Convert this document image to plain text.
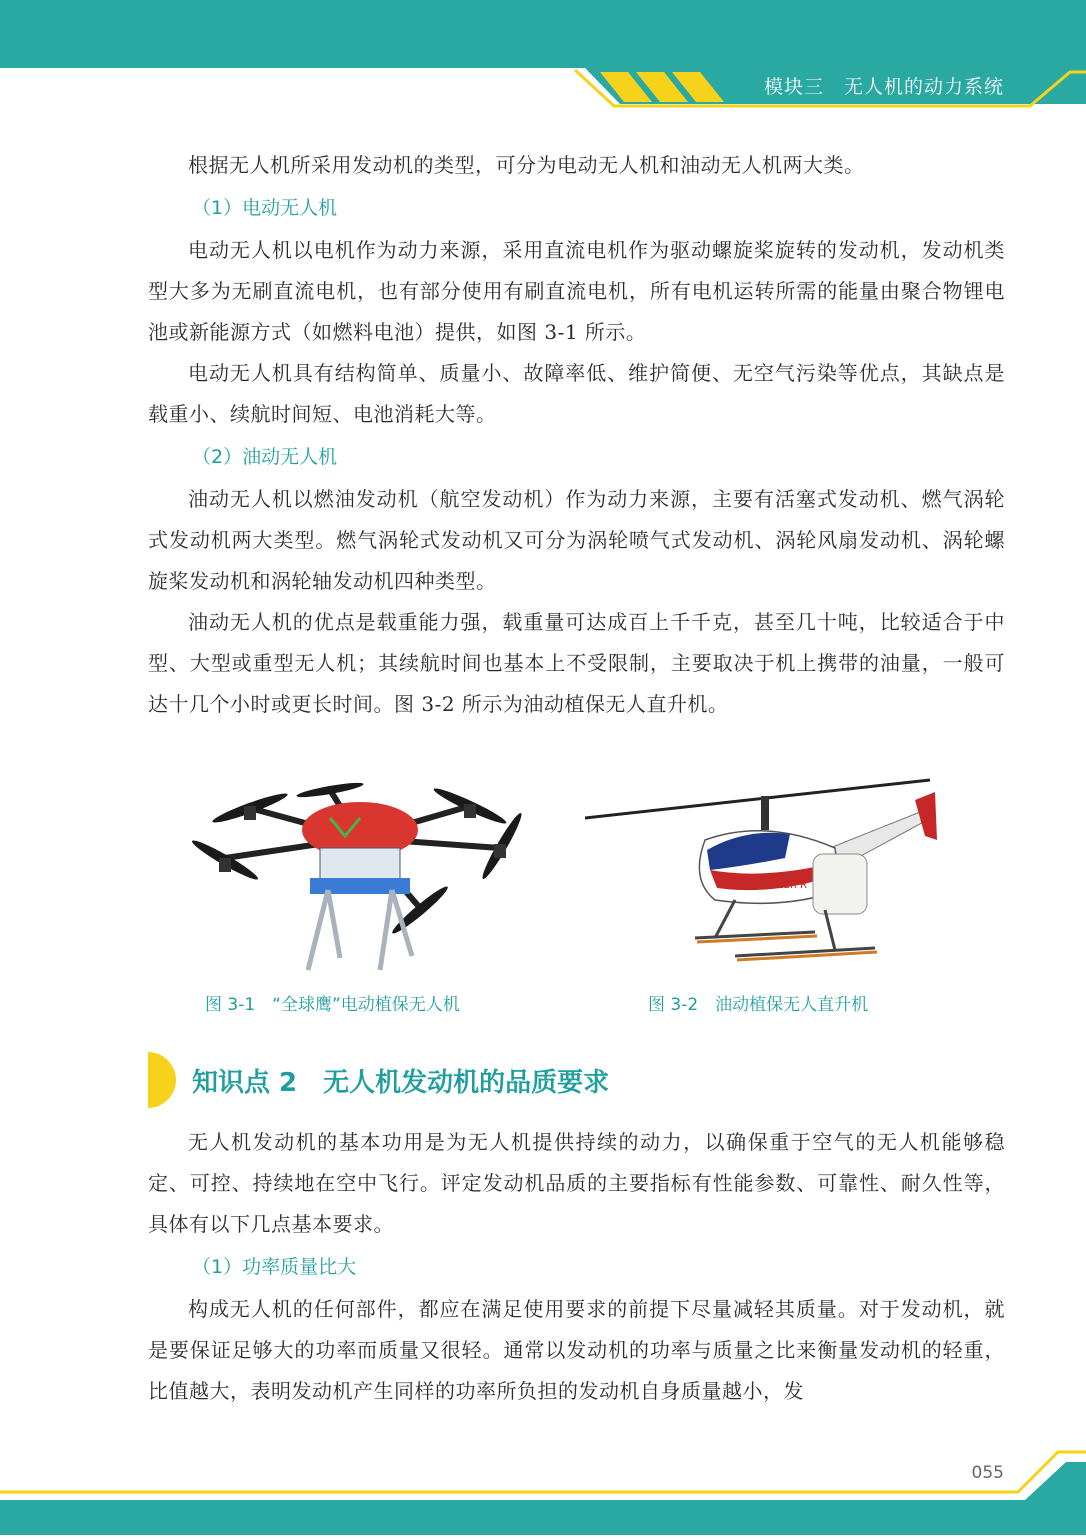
模块三　无人机的动力系统

根据无人机所采用发动机的类型，可分为电动无人机和油动无人机两大类。

（1）电动无人机

电动无人机以电机作为动力来源，采用直流电机作为驱动螺旋桨旋转的发动机，发动机类型大多为无刷直流电机，也有部分使用有刷直流电机，所有电机运转所需的能量由聚合物锂电池或新能源方式（如燃料电池）提供，如图 3-1 所示。

电动无人机具有结构简单、质量小、故障率低、维护简便、无空气污染等优点，其缺点是载重小、续航时间短、电池消耗大等。

（2）油动无人机

油动无人机以燃油发动机（航空发动机）作为动力来源，主要有活塞式发动机、燃气涡轮式发动机两大类型。燃气涡轮式发动机又可分为涡轮喷气式发动机、涡轮风扇发动机、涡轮螺旋桨发动机和涡轮轴发动机四种类型。

油动无人机的优点是载重能力强，载重量可达成百上千千克，甚至几十吨，比较适合于中型、大型或重型无人机；其续航时间也基本上不受限制，主要取决于机上携带的油量，一般可达十几个小时或更长时间。图 3-2 所示为油动植保无人直升机。

图 3-1　“全球鹰”电动植保无人机
FAZER R
图 3-2　油动植保无人直升机
知识点 2　无人机发动机的品质要求

无人机发动机的基本功用是为无人机提供持续的动力，以确保重于空气的无人机能够稳定、可控、持续地在空中飞行。评定发动机品质的主要指标有性能参数、可靠性、耐久性等，具体有以下几点基本要求。

（1）功率质量比大

构成无人机的任何部件，都应在满足使用要求的前提下尽量减轻其质量。对于发动机，就是要保证足够大的功率而质量又很轻。通常以发动机的功率与质量之比来衡量发动机的轻重，比值越大，表明发动机产生同样的功率所负担的发动机自身质量越小，发

055
